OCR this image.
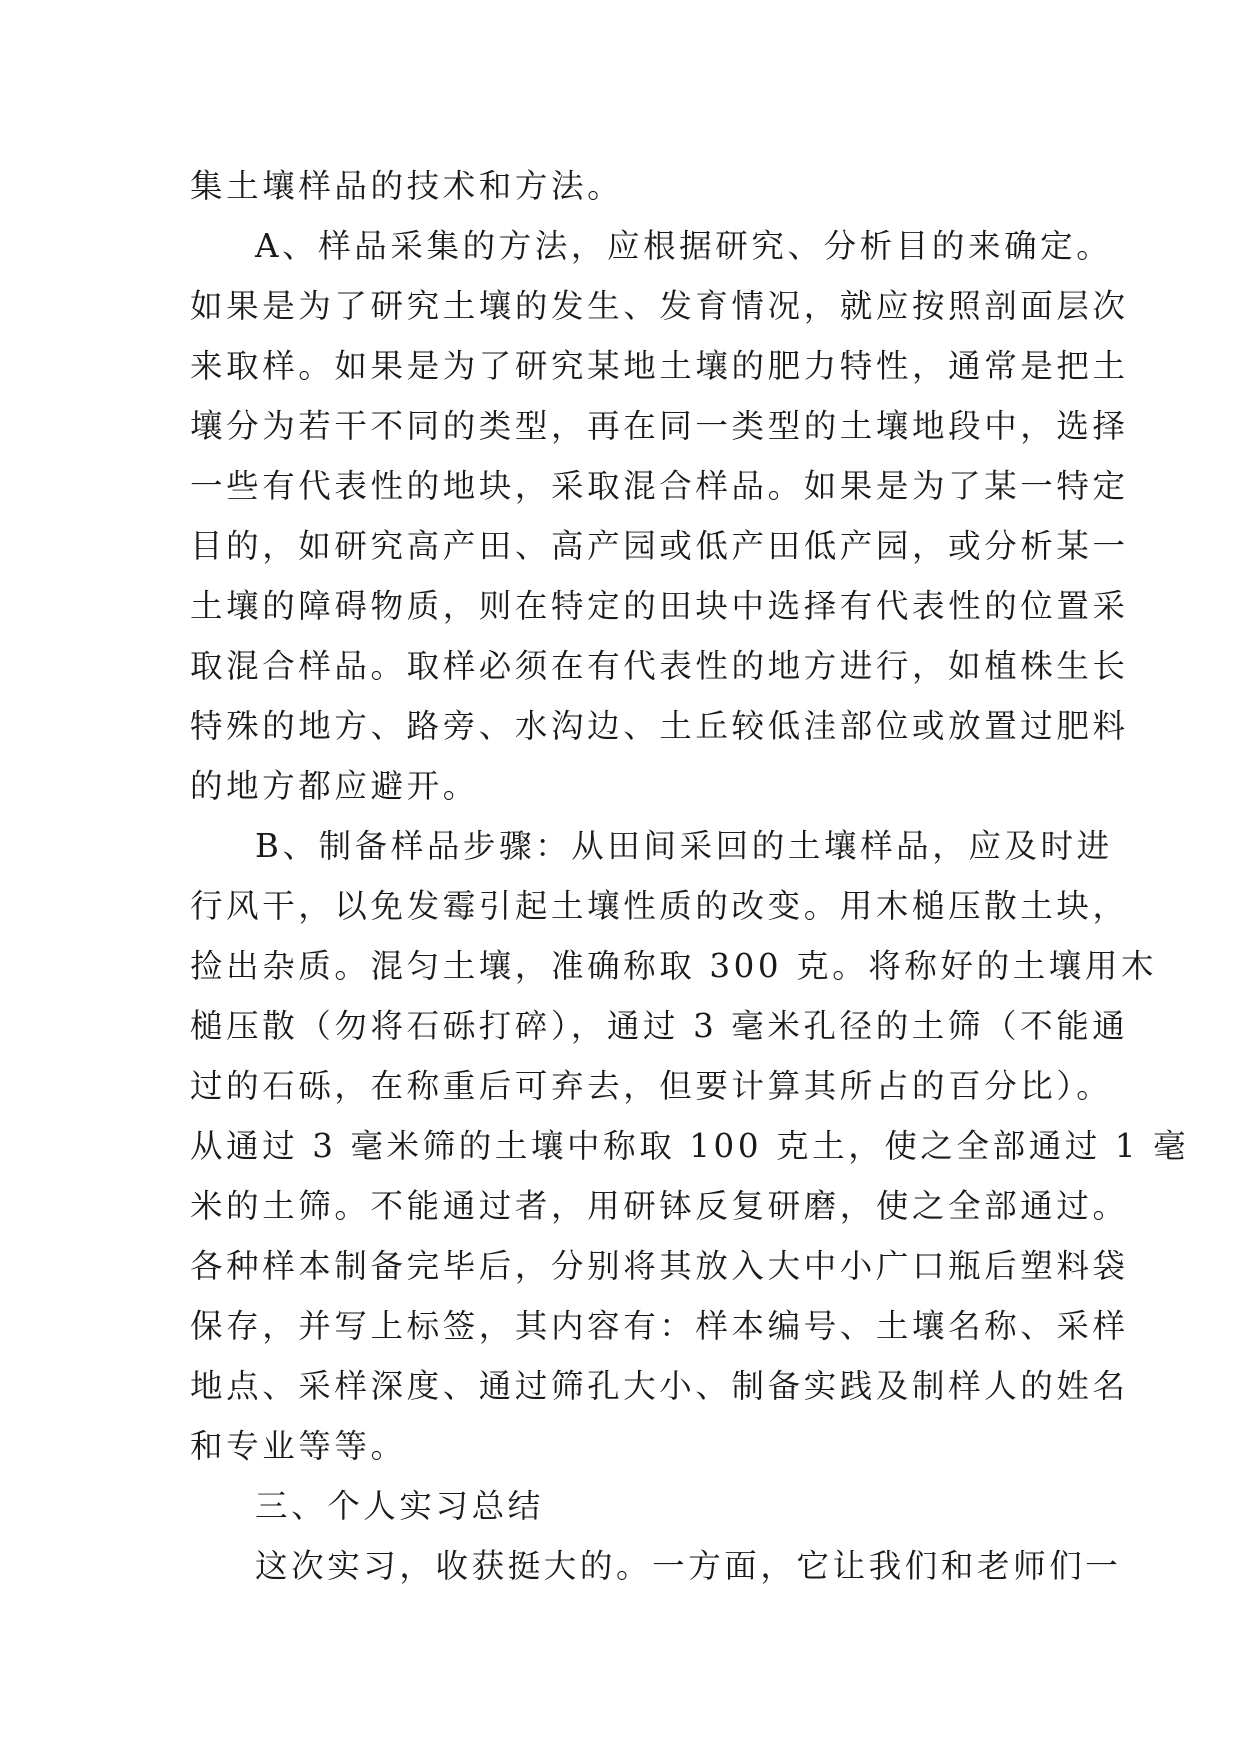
集土壤样品的技术和方法。
A、样品采集的方法，应根据研究、分析目的来确定。
如果是为了研究土壤的发生、发育情况，就应按照剖面层次
来取样。如果是为了研究某地土壤的肥力特性，通常是把土
壤分为若干不同的类型，再在同一类型的土壤地段中，选择
一些有代表性的地块，采取混合样品。如果是为了某一特定
目的，如研究高产田、高产园或低产田低产园，或分析某一
土壤的障碍物质，则在特定的田块中选择有代表性的位置采
取混合样品。取样必须在有代表性的地方进行，如植株生长
特殊的地方、路旁、水沟边、土丘较低洼部位或放置过肥料
的地方都应避开。
B、制备样品步骤：从田间采回的土壤样品，应及时进
行风干，以免发霉引起土壤性质的改变。用木槌压散土块，
捡出杂质。混匀土壤，准确称取 300 克。将称好的土壤用木
槌压散（勿将石砾打碎），通过 3 毫米孔径的土筛（不能通
过的石砾，在称重后可弃去，但要计算其所占的百分比）。
从通过 3 毫米筛的土壤中称取 100 克土，使之全部通过 1 毫
米的土筛。不能通过者，用研钵反复研磨，使之全部通过。
各种样本制备完毕后，分别将其放入大中小广口瓶后塑料袋
保存，并写上标签，其内容有：样本编号、土壤名称、采样
地点、采样深度、通过筛孔大小、制备实践及制样人的姓名
和专业等等。
三、个人实习总结
这次实习，收获挺大的。一方面，它让我们和老师们一
